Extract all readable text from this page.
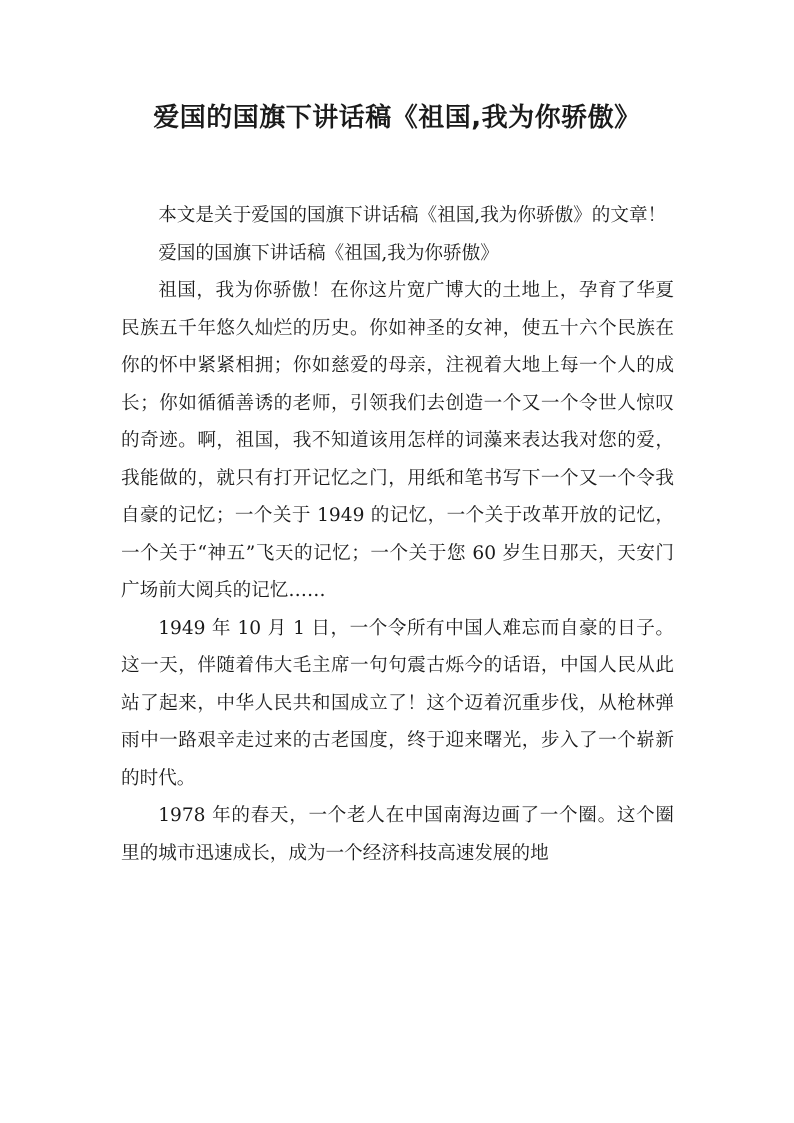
爱国的国旗下讲话稿《祖国,我为你骄傲》

本文是关于爱国的国旗下讲话稿《祖国,我为你骄傲》的文章！

爱国的国旗下讲话稿《祖国,我为你骄傲》

祖国，我为你骄傲！在你这片宽广博大的土地上，孕育了华夏民族五千年悠久灿烂的历史。你如神圣的女神，使五十六个民族在你的怀中紧紧相拥；你如慈爱的母亲，注视着大地上每一个人的成长；你如循循善诱的老师，引领我们去创造一个又一个令世人惊叹的奇迹。啊，祖国，我不知道该用怎样的词藻来表达我对您的爱，我能做的，就只有打开记忆之门，用纸和笔书写下一个又一个令我自豪的记忆；一个关于 1949 的记忆，一个关于改革开放的记忆，一个关于“神五”飞天的记忆；一个关于您 60 岁生日那天，天安门广场前大阅兵的记忆……

1949 年 10 月 1 日，一个令所有中国人难忘而自豪的日子。这一天，伴随着伟大毛主席一句句震古烁今的话语，中国人民从此站了起来，中华人民共和国成立了！这个迈着沉重步伐，从枪林弹雨中一路艰辛走过来的古老国度，终于迎来曙光，步入了一个崭新的时代。

1978 年的春天，一个老人在中国南海边画了一个圈。这个圈里的城市迅速成长，成为一个经济科技高速发展的地
